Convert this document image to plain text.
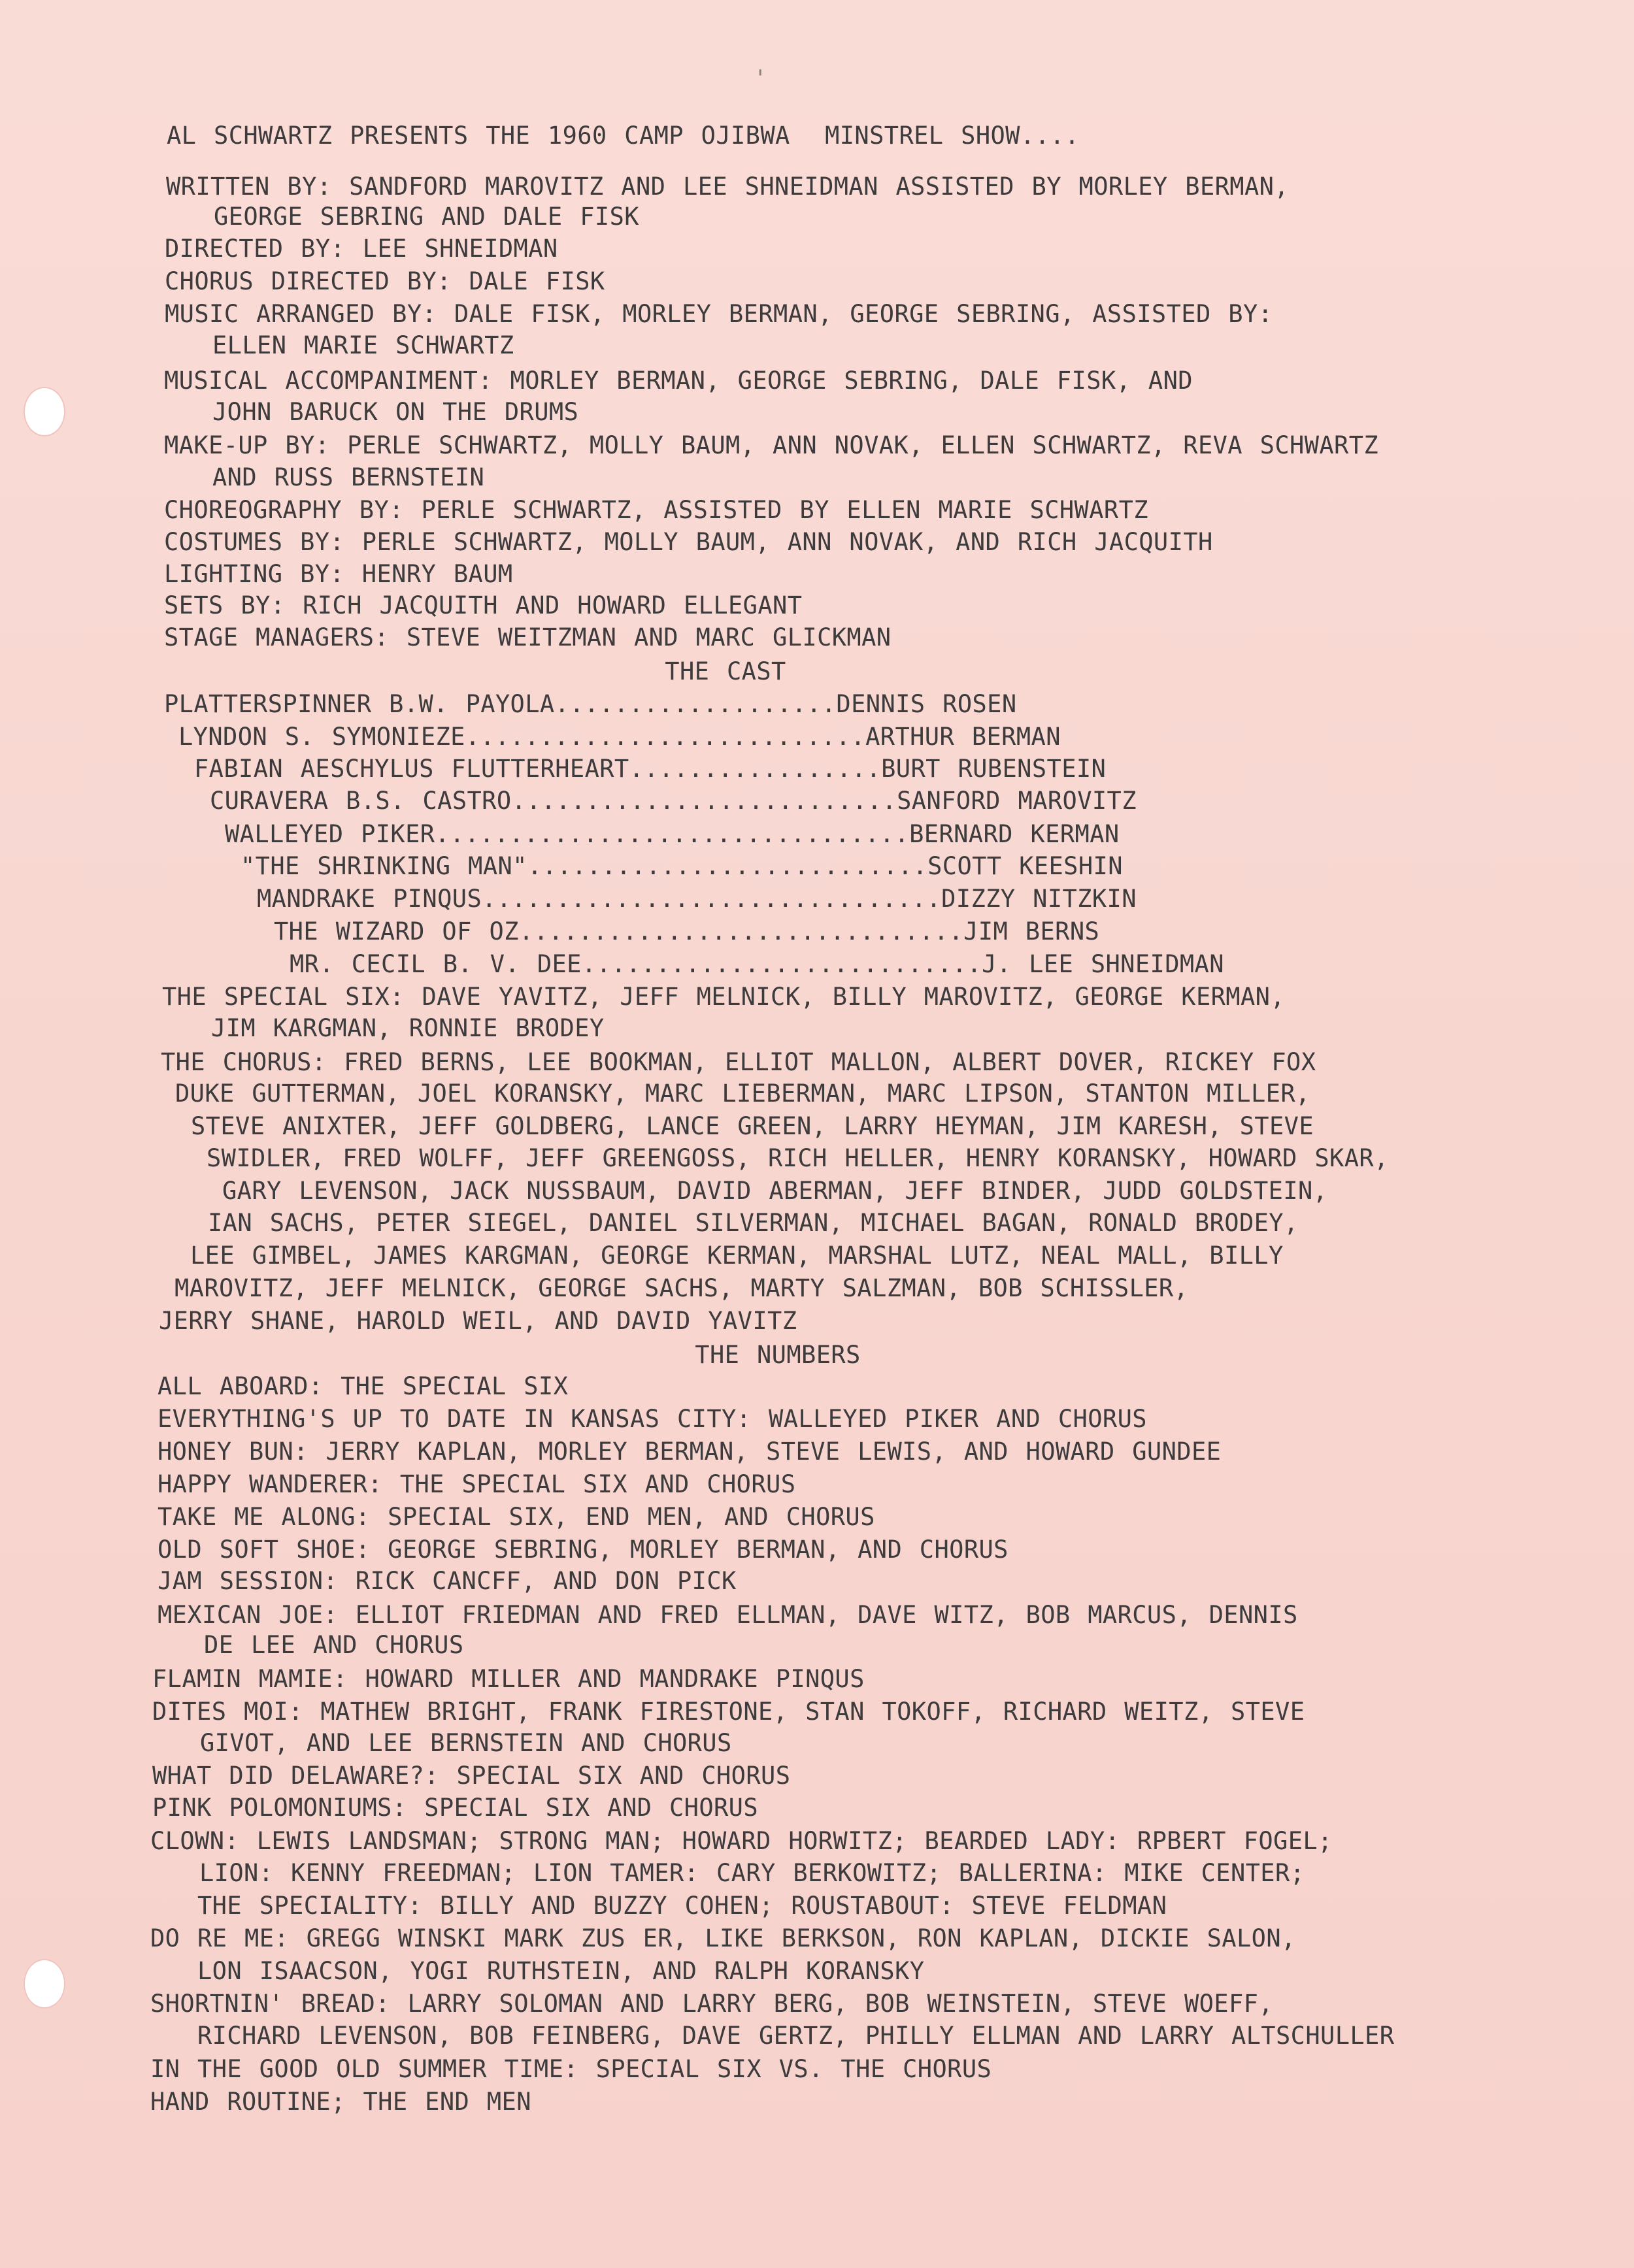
'
AL SCHWARTZ PRESENTS THE 1960 CAMP OJIBWA  MINSTREL SHOW....
WRITTEN BY: SANDFORD MAROVITZ AND LEE SHNEIDMAN ASSISTED BY MORLEY BERMAN,
GEORGE SEBRING AND DALE FISK
DIRECTED BY: LEE SHNEIDMAN
CHORUS DIRECTED BY: DALE FISK
MUSIC ARRANGED BY: DALE FISK, MORLEY BERMAN, GEORGE SEBRING, ASSISTED BY:
ELLEN MARIE SCHWARTZ
MUSICAL ACCOMPANIMENT: MORLEY BERMAN, GEORGE SEBRING, DALE FISK, AND
JOHN BARUCK ON THE DRUMS
MAKE-UP BY: PERLE SCHWARTZ, MOLLY BAUM, ANN NOVAK, ELLEN SCHWARTZ, REVA SCHWARTZ
AND RUSS BERNSTEIN
CHOREOGRAPHY BY: PERLE SCHWARTZ, ASSISTED BY ELLEN MARIE SCHWARTZ
COSTUMES BY: PERLE SCHWARTZ, MOLLY BAUM, ANN NOVAK, AND RICH JACQUITH
LIGHTING BY: HENRY BAUM
SETS BY: RICH JACQUITH AND HOWARD ELLEGANT
STAGE MANAGERS: STEVE WEITZMAN AND MARC GLICKMAN
THE CAST
PLATTERSPINNER B.W. PAYOLA...................DENNIS ROSEN
LYNDON S. SYMONIEZE...........................ARTHUR BERMAN
FABIAN AESCHYLUS FLUTTERHEART.................BURT RUBENSTEIN
CURAVERA B.S. CASTRO..........................SANFORD MAROVITZ
WALLEYED PIKER................................BERNARD KERMAN
"THE SHRINKING MAN"...........................SCOTT KEESHIN
MANDRAKE PINQUS...............................DIZZY NITZKIN
THE WIZARD OF OZ..............................JIM BERNS
MR. CECIL B. V. DEE...........................J. LEE SHNEIDMAN
THE SPECIAL SIX: DAVE YAVITZ, JEFF MELNICK, BILLY MAROVITZ, GEORGE KERMAN,
JIM KARGMAN, RONNIE BRODEY
THE CHORUS: FRED BERNS, LEE BOOKMAN, ELLIOT MALLON, ALBERT DOVER, RICKEY FOX
DUKE GUTTERMAN, JOEL KORANSKY, MARC LIEBERMAN, MARC LIPSON, STANTON MILLER,
STEVE ANIXTER, JEFF GOLDBERG, LANCE GREEN, LARRY HEYMAN, JIM KARESH, STEVE
SWIDLER, FRED WOLFF, JEFF GREENGOSS, RICH HELLER, HENRY KORANSKY, HOWARD SKAR,
GARY LEVENSON, JACK NUSSBAUM, DAVID ABERMAN, JEFF BINDER, JUDD GOLDSTEIN,
IAN SACHS, PETER SIEGEL, DANIEL SILVERMAN, MICHAEL BAGAN, RONALD BRODEY,
LEE GIMBEL, JAMES KARGMAN, GEORGE KERMAN, MARSHAL LUTZ, NEAL MALL, BILLY
MAROVITZ, JEFF MELNICK, GEORGE SACHS, MARTY SALZMAN, BOB SCHISSLER,
JERRY SHANE, HAROLD WEIL, AND DAVID YAVITZ
THE NUMBERS
ALL ABOARD: THE SPECIAL SIX
EVERYTHING'S UP TO DATE IN KANSAS CITY: WALLEYED PIKER AND CHORUS
HONEY BUN: JERRY KAPLAN, MORLEY BERMAN, STEVE LEWIS, AND HOWARD GUNDEE
HAPPY WANDERER: THE SPECIAL SIX AND CHORUS
TAKE ME ALONG: SPECIAL SIX, END MEN, AND CHORUS
OLD SOFT SHOE: GEORGE SEBRING, MORLEY BERMAN, AND CHORUS
JAM SESSION: RICK CANCFF, AND DON PICK
MEXICAN JOE: ELLIOT FRIEDMAN AND FRED ELLMAN, DAVE WITZ, BOB MARCUS, DENNIS
DE LEE AND CHORUS
FLAMIN MAMIE: HOWARD MILLER AND MANDRAKE PINQUS
DITES MOI: MATHEW BRIGHT, FRANK FIRESTONE, STAN TOKOFF, RICHARD WEITZ, STEVE
GIVOT, AND LEE BERNSTEIN AND CHORUS
WHAT DID DELAWARE?: SPECIAL SIX AND CHORUS
PINK POLOMONIUMS: SPECIAL SIX AND CHORUS
CLOWN: LEWIS LANDSMAN; STRONG MAN; HOWARD HORWITZ; BEARDED LADY: RPBERT FOGEL;
LION: KENNY FREEDMAN; LION TAMER: CARY BERKOWITZ; BALLERINA: MIKE CENTER;
THE SPECIALITY: BILLY AND BUZZY COHEN; ROUSTABOUT: STEVE FELDMAN
DO RE ME: GREGG WINSKI MARK ZUS ER, LIKE BERKSON, RON KAPLAN, DICKIE SALON,
LON ISAACSON, YOGI RUTHSTEIN, AND RALPH KORANSKY
SHORTNIN' BREAD: LARRY SOLOMAN AND LARRY BERG, BOB WEINSTEIN, STEVE WOEFF,
RICHARD LEVENSON, BOB FEINBERG, DAVE GERTZ, PHILLY ELLMAN AND LARRY ALTSCHULLER
IN THE GOOD OLD SUMMER TIME: SPECIAL SIX VS. THE CHORUS
HAND ROUTINE; THE END MEN
